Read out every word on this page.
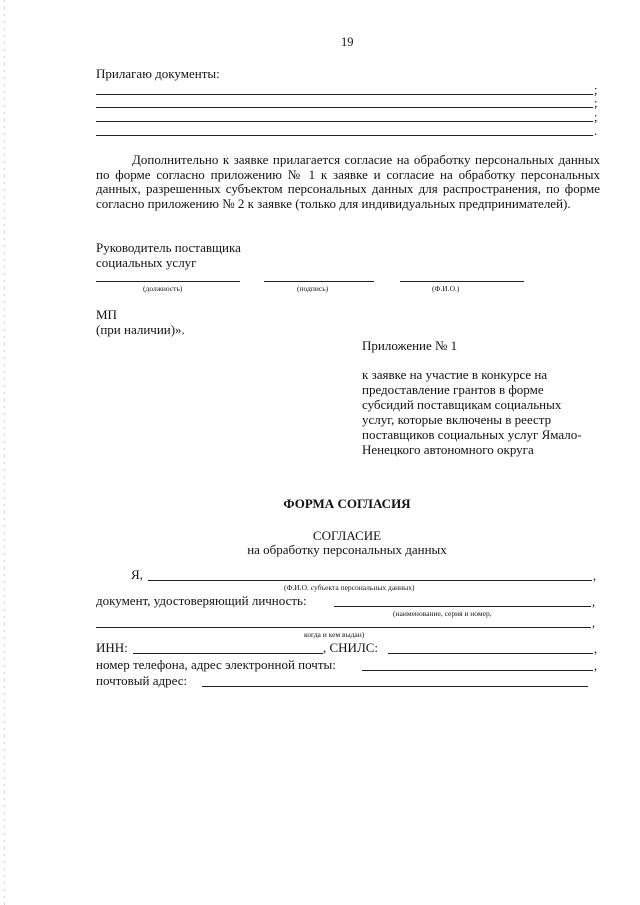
19
Прилагаю документы:
;
;
;
.
Дополнительно к заявке прилагается согласие на обработку персональных данных по форме согласно приложению № 1 к заявке и согласие на обработку персональных данных, разрешенных субъектом персональных данных для распространения, по форме согласно приложению № 2 к заявке (только для индивидуальных предпринимателей).
Руководитель поставщика
социальных услуг
(должность)	(подпись)	(Ф.И.О.)
МП
(при наличии)».
Приложение № 1
к заявке на участие в конкурсе на предоставление грантов в форме субсидий поставщикам социальных услуг, которые включены в реестр поставщиков социальных услуг Ямало-Ненецкого автономного округа
ФОРМА СОГЛАСИЯ
СОГЛАСИЕ
на обработку персональных данных
Я,	,
(Ф.И.О. субъекта персональных данных)
документ, удостоверяющий личность:	,
(наименование, серия и номер,
,
когда и кем выдан)
ИНН:	, СНИЛС:	,
номер телефона, адрес электронной почты:	,
почтовый адрес:
